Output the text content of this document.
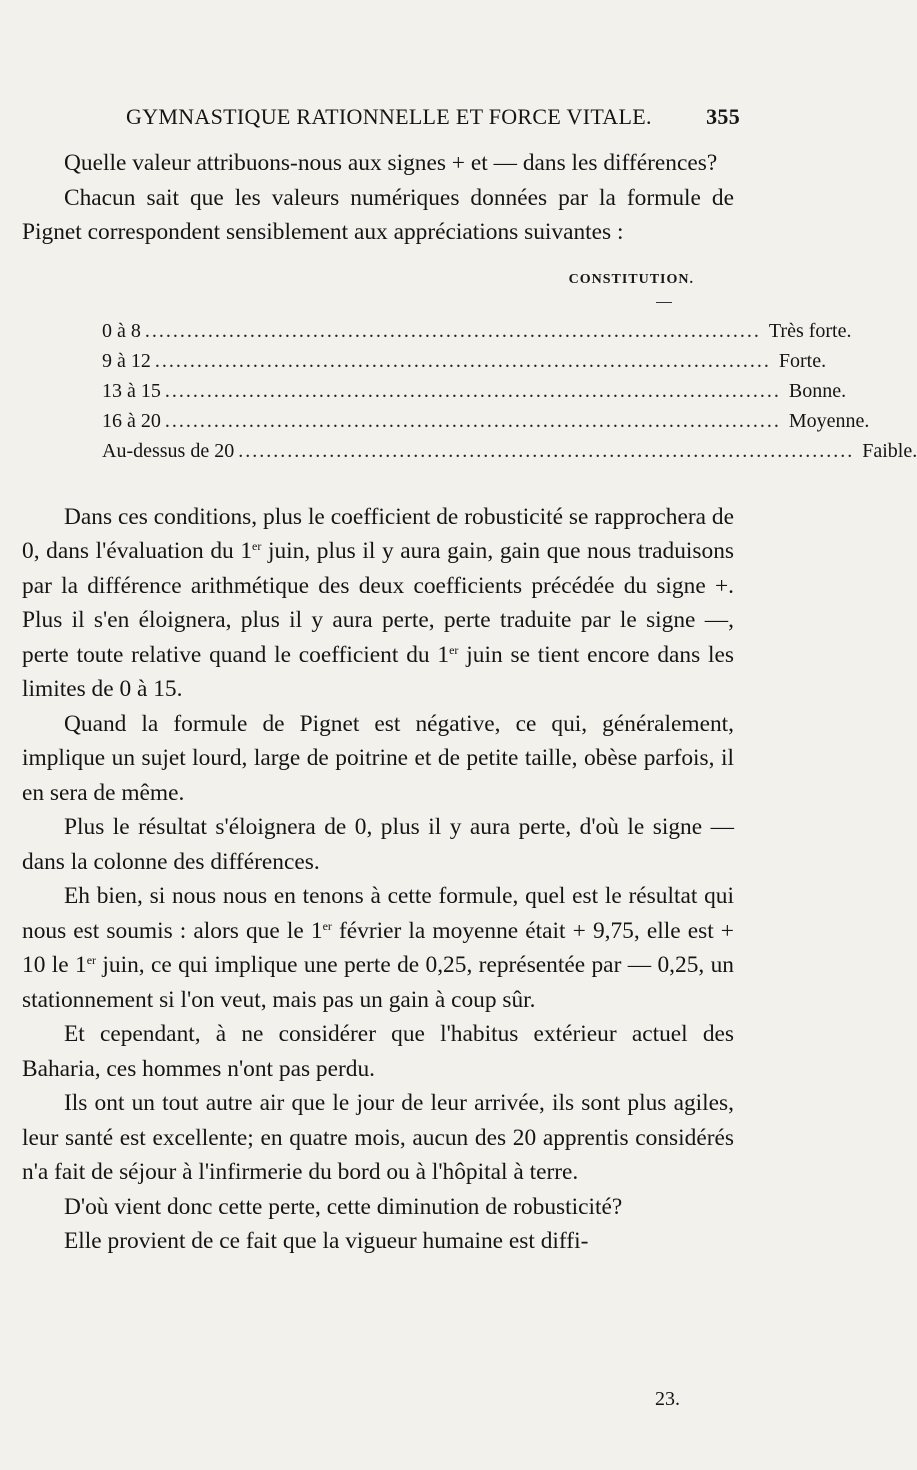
GYMNASTIQUE RATIONNELLE ET FORCE VITALE. 355

Quelle valeur attribuons-nous aux signes + et — dans les différences?

Chacun sait que les valeurs numériques données par la formule de Pignet correspondent sensiblement aux appréciations suivantes :

CONSTITUTION.
0 à 8 ........................................................................................ Très forte.
9 à 12 ........................................................................................ Forte.
13 à 15 ........................................................................................ Bonne.
16 à 20 ........................................................................................ Moyenne.
Au-dessus de 20 ........................................................................................ Faible.

Dans ces conditions, plus le coefficient de robusticité se rapprochera de 0, dans l'évaluation du 1er juin, plus il y aura gain, gain que nous traduisons par la différence arithmétique des deux coefficients précédée du signe +. Plus il s'en éloignera, plus il y aura perte, perte traduite par le signe —, perte toute relative quand le coefficient du 1er juin se tient encore dans les limites de 0 à 15.

Quand la formule de Pignet est négative, ce qui, généralement, implique un sujet lourd, large de poitrine et de petite taille, obèse parfois, il en sera de même.

Plus le résultat s'éloignera de 0, plus il y aura perte, d'où le signe — dans la colonne des différences.

Eh bien, si nous nous en tenons à cette formule, quel est le résultat qui nous est soumis : alors que le 1er février la moyenne était + 9,75, elle est + 10 le 1er juin, ce qui implique une perte de 0,25, représentée par — 0,25, un stationnement si l'on veut, mais pas un gain à coup sûr.

Et cependant, à ne considérer que l'habitus extérieur actuel des Baharia, ces hommes n'ont pas perdu.

Ils ont un tout autre air que le jour de leur arrivée, ils sont plus agiles, leur santé est excellente; en quatre mois, aucun des 20 apprentis considérés n'a fait de séjour à l'infirmerie du bord ou à l'hôpital à terre.

D'où vient donc cette perte, cette diminution de robusticité?

Elle provient de ce fait que la vigueur humaine est diffi-

23.
